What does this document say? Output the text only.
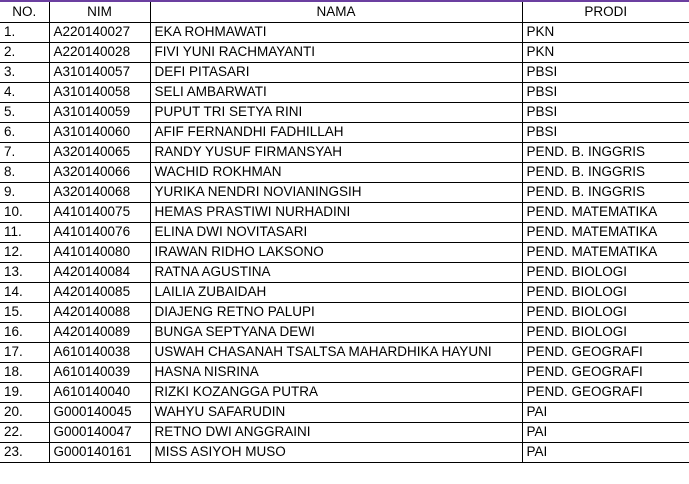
NO.	NIM	NAMA	PRODI
1.	A220140027	EKA ROHMAWATI	PKN
2.	A220140028	FIVI YUNI RACHMAYANTI	PKN
3.	A310140057	DEFI PITASARI	PBSI
4.	A310140058	SELI AMBARWATI	PBSI
5.	A310140059	PUPUT TRI SETYA RINI	PBSI
6.	A310140060	AFIF FERNANDHI FADHILLAH	PBSI
7.	A320140065	RANDY YUSUF FIRMANSYAH	PEND. B. INGGRIS
8.	A320140066	WACHID ROKHMAN	PEND. B. INGGRIS
9.	A320140068	YURIKA NENDRI NOVIANINGSIH	PEND. B. INGGRIS
10.	A410140075	HEMAS PRASTIWI NURHADINI	PEND. MATEMATIKA
11.	A410140076	ELINA DWI NOVITASARI	PEND. MATEMATIKA
12.	A410140080	IRAWAN RIDHO LAKSONO	PEND. MATEMATIKA
13.	A420140084	RATNA AGUSTINA	PEND. BIOLOGI
14.	A420140085	LAILIA ZUBAIDAH	PEND. BIOLOGI
15.	A420140088	DIAJENG RETNO PALUPI	PEND. BIOLOGI
16.	A420140089	BUNGA SEPTYANA DEWI	PEND. BIOLOGI
17.	A610140038	USWAH CHASANAH TSALTSA MAHARDHIKA HAYUNI	PEND. GEOGRAFI
18.	A610140039	HASNA NISRINA	PEND. GEOGRAFI
19.	A610140040	RIZKI KOZANGGA PUTRA	PEND. GEOGRAFI
20.	G000140045	WAHYU SAFARUDIN	PAI
22.	G000140047	RETNO DWI ANGGRAINI	PAI
23.	G000140161	MISS ASIYOH MUSO	PAI
